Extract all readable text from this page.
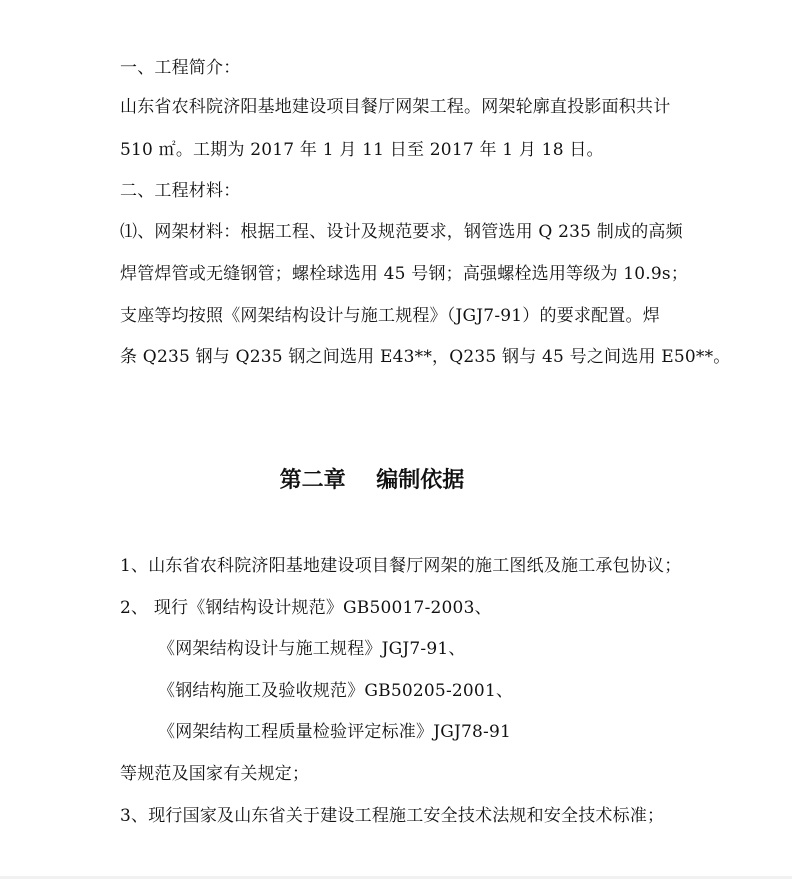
一、工程简介：
山东省农科院济阳基地建设项目餐厅网架工程。网架轮廓直投影面积共计
510 ㎡。工期为 2017 年 1 月 11 日至 2017 年 1 月 18 日。
二、工程材料：
⑴、网架材料：根据工程、设计及规范要求，钢管选用 Q 235 制成的高频
焊管焊管或无缝钢管；螺栓球选用 45 号钢；高强螺栓选用等级为 10.9s；
支座等均按照《网架结构设计与施工规程》（JGJ7-91）的要求配置。焊
条 Q235 钢与 Q235 钢之间选用 E43**，Q235 钢与 45 号之间选用 E50**。
第二章    编制依据
1、山东省农科院济阳基地建设项目餐厅网架的施工图纸及施工承包协议；
2、 现行《钢结构设计规范》GB50017-2003、
《网架结构设计与施工规程》JGJ7-91、
《钢结构施工及验收规范》GB50205-2001、
《网架结构工程质量检验评定标准》JGJ78-91
等规范及国家有关规定；
3、现行国家及山东省关于建设工程施工安全技术法规和安全技术标准；
